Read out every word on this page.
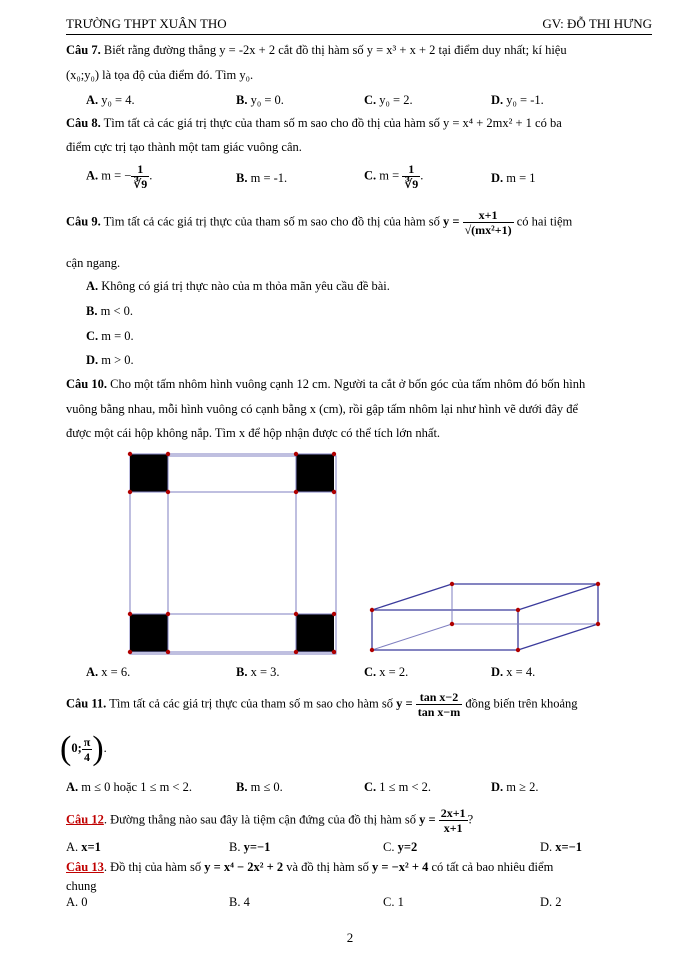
TRƯỜNG THPT XUÂN THO	GV: ĐỖ THI HƯNG
Câu 7. Biết rằng đường thẳng y = -2x + 2 cắt đồ thị hàm số y = x³ + x + 2 tại điểm duy nhất; kí hiệu
(x₀;y₀) là tọa độ của điểm đó. Tìm y₀.
A. y₀ = 4.	B. y₀ = 0.	C. y₀ = 2.	D. y₀ = -1.
Câu 8. Tìm tất cả các giá trị thực của tham số m sao cho đồ thị của hàm số y = x⁴ + 2mx² + 1 có ba
điểm cực trị tạo thành một tam giác vuông cân.
A. m = − $\frac{1}{∛9}$ .	B. m = -1.	C. $m = \frac{1}{∛9}$ .	D. m = 1
Câu 9. Tìm tất cả các giá trị thực của tham số m sao cho đồ thị của hàm số $y = \frac{x+1}{\text{√(mx²+1)}}$ có hai tiệm
cận ngang.
A. Không có giá trị thực nào của m thỏa mãn yêu cầu đề bài.
B. m < 0.
C. m = 0.
D. m > 0.
Câu 10. Cho một tấm nhôm hình vuông cạnh 12 cm. Người ta cắt ở bốn góc của tấm nhôm đó bốn hình
vuông bằng nhau, mỗi hình vuông có cạnh bằng x (cm), rồi gập tấm nhôm lại như hình vẽ dưới đây để
được một cái hộp không nắp. Tìm x để hộp nhận được có thể tích lớn nhất.
A. x = 6.	B. x = 3.	C. x = 2.	D. x = 4.
Câu 11. Tìm tất cả các giá trị thực của tham số m sao cho hàm số $y = \frac{\text{tan x−2}}{\text{tan x−m}}$ đồng biến trên khoảng
(0; $\frac{\pi}{4}$ ).
A. m ≤ 0 hoặc 1 ≤ m < 2.	B. m ≤ 0.	C. 1 ≤ m < 2.	D. m ≥ 2.
Câu 12. Đường thẳng nào sau đây là tiệm cận đứng của đồ thị hàm số $y = \frac{2x+1}{x+1}$ ?
A. x=1	B. y=−1	C. y=2	D. x=−1
Câu 13. Đồ thị của hàm số y = x⁴ − 2x² + 2 và đồ thị hàm số y = −x² + 4 có tất cả bao nhiêu điểm
chung
A. 0	B. 4	C. 1	D. 2
2
